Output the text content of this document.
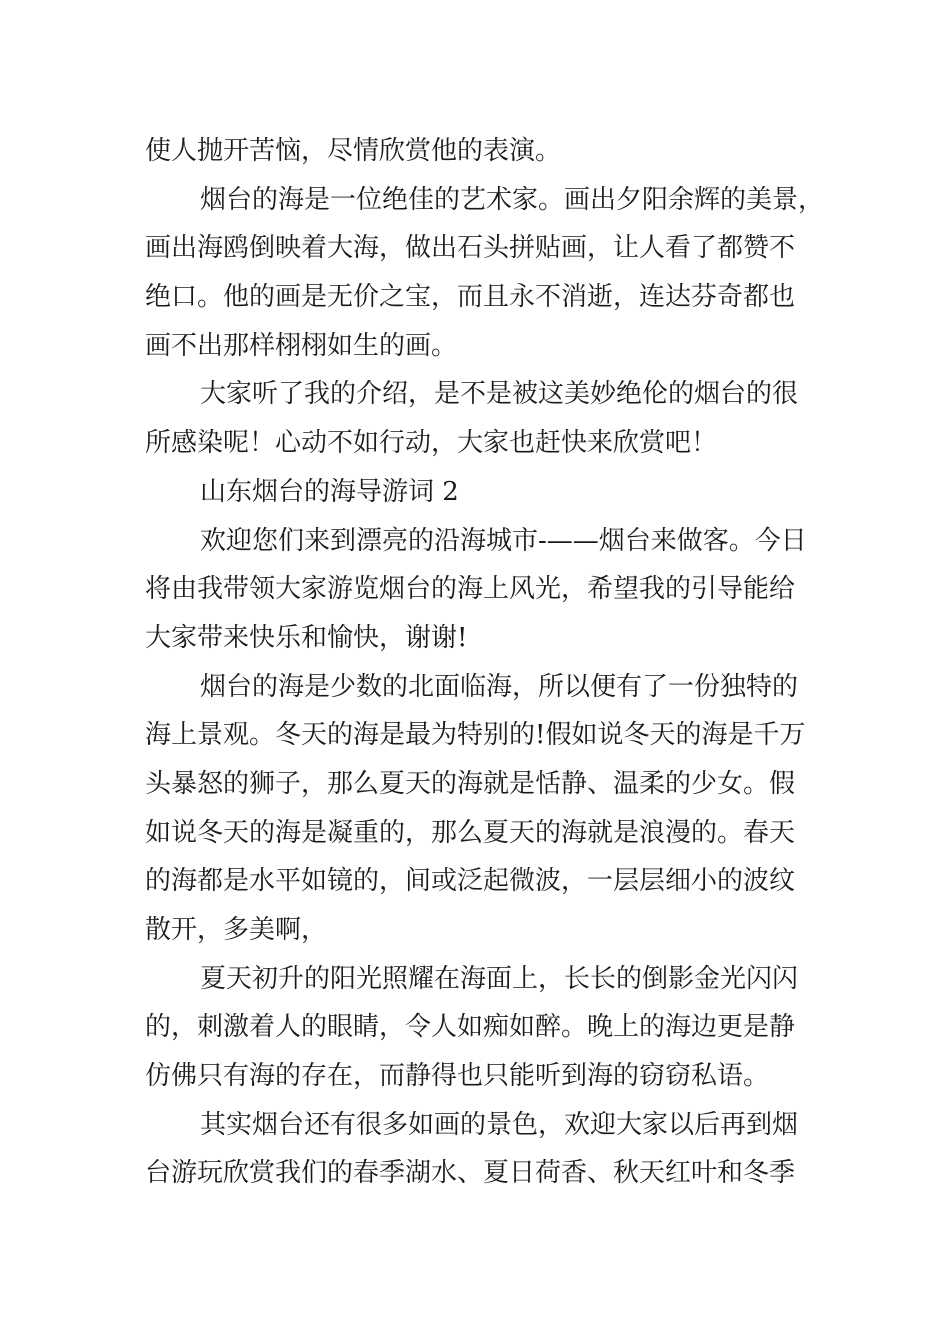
使人抛开苦恼，尽情欣赏他的表演。
烟台的海是一位绝佳的艺术家。画出夕阳余辉的美景，
画出海鸥倒映着大海，做出石头拼贴画，让人看了都赞不
绝口。他的画是无价之宝，而且永不消逝，连达芬奇都也
画不出那样栩栩如生的画。
大家听了我的介绍，是不是被这美妙绝伦的烟台的很
所感染呢！心动不如行动，大家也赶快来欣赏吧！
山东烟台的海导游词 2
欢迎您们来到漂亮的沿海城市-——烟台来做客。今日
将由我带领大家游览烟台的海上风光，希望我的引导能给
大家带来快乐和愉快，谢谢!
烟台的海是少数的北面临海，所以便有了一份独特的
海上景观。冬天的海是最为特别的!假如说冬天的海是千万
头暴怒的狮子，那么夏天的海就是恬静、温柔的少女。假
如说冬天的海是凝重的，那么夏天的海就是浪漫的。春天
的海都是水平如镜的，间或泛起微波，一层层细小的波纹
散开，多美啊，
夏天初升的阳光照耀在海面上，长长的倒影金光闪闪
的，刺激着人的眼睛，令人如痴如醉。晚上的海边更是静
仿佛只有海的存在，而静得也只能听到海的窃窃私语。
其实烟台还有很多如画的景色，欢迎大家以后再到烟
台游玩欣赏我们的春季湖水、夏日荷香、秋天红叶和冬季
